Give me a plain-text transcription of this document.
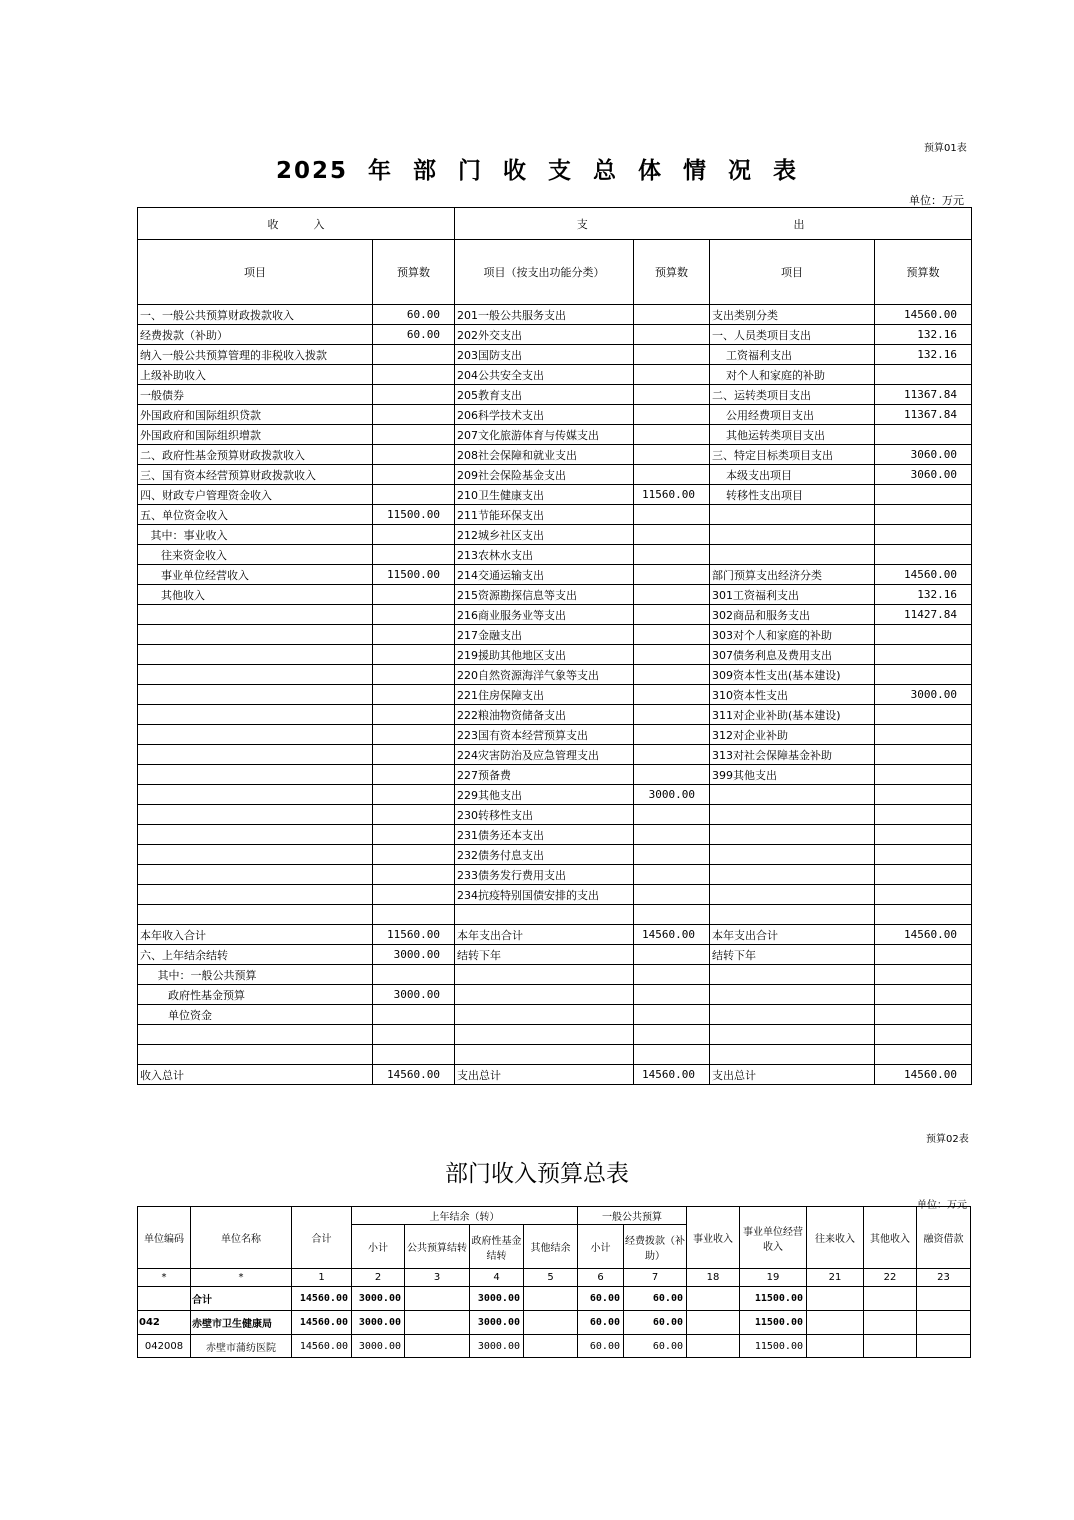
预算01表
2025 年 部 门 收 支 总 体 情 况 表
单位：万元
收          入		支		出	
项目	预算数	项目（按支出功能分类）	预算数	项目	预算数
一、一般公共预算财政拨款收入	60.00	201一般公共服务支出		支出类别分类	14560.00
经费拨款（补助）	60.00	202外交支出		一、人员类项目支出	132.16
纳入一般公共预算管理的非税收入拨款		203国防支出		工资福利支出	132.16
上级补助收入		204公共安全支出		对个人和家庭的补助	
一般债券		205教育支出		二、运转类项目支出	11367.84
外国政府和国际组织贷款		206科学技术支出		公用经费项目支出	11367.84
外国政府和国际组织增款		207文化旅游体育与传媒支出		其他运转类项目支出	
二、政府性基金预算财政拨款收入		208社会保障和就业支出		三、特定目标类项目支出	3060.00
三、国有资本经营预算财政拨款收入		209社会保险基金支出		本级支出项目	3060.00
四、财政专户管理资金收入		210卫生健康支出	11560.00	转移性支出项目	
五、单位资金收入	11500.00	211节能环保支出			
其中：事业收入		212城乡社区支出			
往来资金收入		213农林水支出			
事业单位经营收入	11500.00	214交通运输支出		部门预算支出经济分类	14560.00
其他收入		215资源勘探信息等支出		301工资福利支出	132.16
		216商业服务业等支出		302商品和服务支出	11427.84
		217金融支出		303对个人和家庭的补助	
		219援助其他地区支出		307债务利息及费用支出	
		220自然资源海洋气象等支出		309资本性支出(基本建设)	
		221住房保障支出		310资本性支出	3000.00
		222粮油物资储备支出		311对企业补助(基本建设)	
		223国有资本经营预算支出		312对企业补助	
		224灾害防治及应急管理支出		313对社会保障基金补助	
		227预备费		399其他支出	
		229其他支出	3000.00		
		230转移性支出			
		231债务还本支出			
		232债务付息支出			
		233债务发行费用支出			
		234抗疫特别国债安排的支出			

本年收入合计	11560.00	本年支出合计	14560.00	本年支出合计	14560.00
六、上年结余结转	3000.00	结转下年		结转下年	
其中：一般公共预算					
政府性基金预算	3000.00				
单位资金					

收入总计	14560.00	支出总计	14560.00	支出总计	14560.00
预算02表
部门收入预算总表
单位：万元
单位编码	单位名称	合计	上年结余（转）				一般公共预算		事业收入	事业单位经营收入	往来收入	其他收入	融资借款
			小计	公共预算结转	政府性基金结转	其他结余	小计	经费拨款（补助）					
*	*	1	2	3	4	5	6	7	18	19	21	22	23
	合计	14560.00	3000.00		3000.00		60.00	60.00		11500.00			
042	赤壁市卫生健康局	14560.00	3000.00		3000.00		60.00	60.00		11500.00			
042008	赤壁市蒲纺医院	14560.00	3000.00		3000.00		60.00	60.00		11500.00			
